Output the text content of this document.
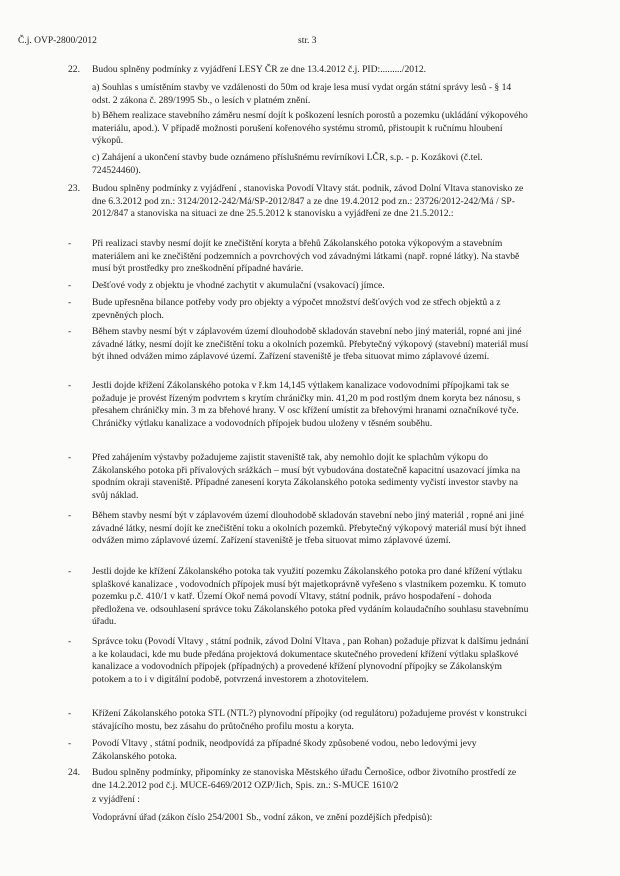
Č.j. OVP-2800/2012	str. 3
22. Budou splněny podmínky z vyjádření LESY ČR ze dne 13.4.2012 č.j. PID:........./2012.
a) Souhlas s umístěním stavby ve vzdálenosti do 50m od kraje lesa musí vydat orgán státní správy lesů - § 14 odst. 2 zákona č. 289/1995 Sb., o lesích v platném znění.
b) Během realizace stavebního záměru nesmí dojít k poškození lesních porostů a pozemku (ukládání výkopového materiálu, apod.). V případě možnosti porušení kořenového systému stromů, přistoupit k ručnímu hloubení výkopů.
c) Zahájení a ukončení stavby bude oznámeno příslušnému revírníkovi LČR, s.p. - p. Kozákovi (č.tel. 724524460).
23. Budou splněny podmínky z vyjádření , stanoviska Povodí Vltavy stát. podnik, závod Dolní Vltava stanovisko ze dne 6.3.2012 pod zn.: 3124/2012-242/Má/SP-2012/847 a ze dne 19.4.2012 pod zn.: 23726/2012-242/Má / SP-2012/847 a stanoviska na situaci ze dne 25.5.2012 k stanovisku a vyjádření ze dne 21.5.2012.:
- Při realizaci stavby nesmí dojít ke znečištění koryta a břehů Zákolanského potoka výkopovým a stavebním materiálem ani ke znečištění podzemních a povrchových vod závadnými látkami (např. ropné látky). Na stavbě musí být prostředky pro zneškodnění případné havárie.
- Dešťové vody z objektu je vhodné zachytit v akumulační (vsakovací) jímce.
- Bude upřesněna bilance potřeby vody pro objekty a výpočet množství dešťových vod ze střech objektů a z zpevněných ploch.
- Během stavby nesmí být v záplavovém území dlouhodobě skladován stavební nebo jiný materiál, ropné ani jiné závadné látky, nesmí dojít ke znečištění toku a okolních pozemků. Přebytečný výkopový (stavební) materiál musí být ihned odvážen mimo záplavové území. Zařízení staveniště je třeba situovat mimo záplavové území.
- Jestli dojde křížení Zákolanského potoka v ř.km 14,145 výtlakem kanalizace vodovodními přípojkami tak se požaduje je provést řízeným podvrtem s krytím chráničky min. 41,20 m pod rostlým dnem koryta bez nánosu, s přesahem chráničky min. 3 m za břehové hrany. V osc křížení umístit za břehovými hranami označníkové tyče. Chráničky výtlaku kanalizace a vodovodních přípojek budou uloženy v těsném souběhu.
- Před zahájením výstavby požadujeme zajistit staveniště tak, aby nemohlo dojít ke splachům výkopu do Zákolanského potoka při přívalových srážkách – musí být vybudována dostatečně kapacitní usazovací jímka na spodním okraji staveniště. Případné zanesení koryta Zákolanského potoka sedimenty vyčistí investor stavby na svůj náklad.
- Během stavby nesmí být v záplavovém území dlouhodobě skladován stavební nebo jiný materiál , ropné ani jiné závadné látky, nesmí dojít ke znečištění toku a okolních pozemků. Přebytečný výkopový materiál musí být ihned odvážen mimo záplavové území. Zařízení staveniště je třeba situovat mimo záplavové území.
- Jestli dojde ke křížení Zákolanského potoka tak využití pozemku Zákolanského potoka pro dané křížení výtlaku splaškové kanalizace , vodovodních přípojek musí být majetkoprávně vyřešeno s vlastníkem pozemku. K tomuto pozemku p.č. 410/1 v katř. Území Okoř nemá povodí Vltavy, státní podnik, právo hospodaření - dohoda předložena ve. odsouhlasení správce toku Zákolanského potoka před vydáním kolaudačního souhlasu stavebnímu úřadu.
- Správce toku (Povodí Vltavy , státní podnik, závod Dolní Vltava , pan Rohan) požaduje přizvat k dalšímu jednání a ke kolaudaci, kde mu bude předána projektová dokumentace skutečného provedení křížení výtlaku splaškové kanalizace a vodovodních přípojek (případných) a provedené křížení plynovodní přípojky se Zákolanským potokem a to i v digitální podobě, potvrzená investorem a zhotovitelem.
- Křížení Zákolanského potoka STL (NTL?) plynovodní přípojky (od regulátoru) požadujeme provést v konstrukci stávajícího mostu, bez zásahu do průtočného profilu mostu a koryta.
- Povodí Vltavy , státní podnik, neodpovídá za případné škody způsobené vodou, nebo ledovými jevy Zákolanského potoka.
24. Budou splněny podmínky, připomínky ze stanoviska Městského úřadu Černošice, odbor životního prostředí ze dne 14.2.2012 pod č.j. MUCE-6469/2012 OZP/Jich, Spis. zn.: S-MUCE 1610/2
z vyjádření :
Vodoprávní úřad (zákon číslo 254/2001 Sb., vodní zákon, ve znění pozdějších předpisů):
